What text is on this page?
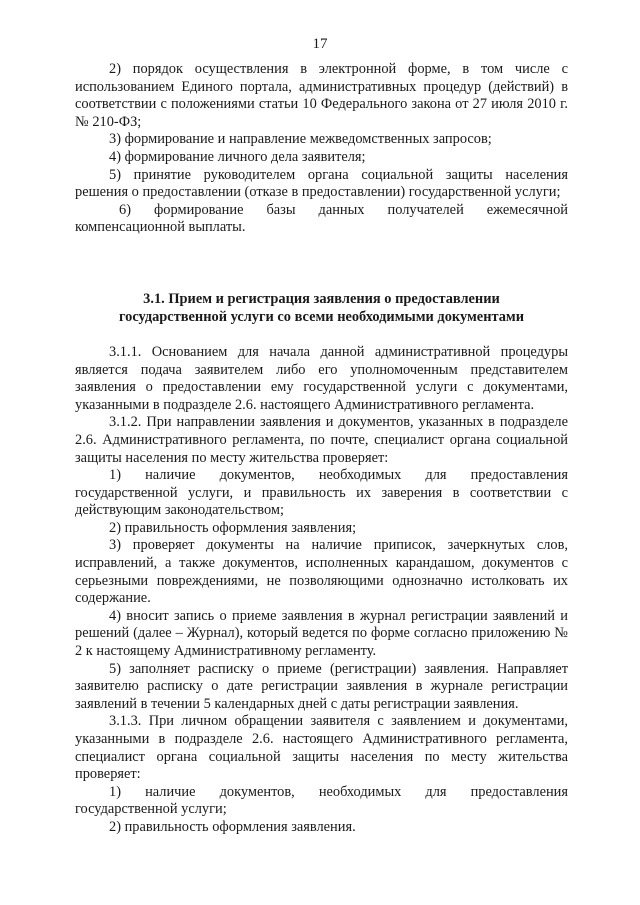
17

2) порядок осуществления в электронной форме, в том числе с использованием Единого портала, административных процедур (действий) в соответствии с положениями статьи 10 Федерального закона от 27 июля 2010 г. № 210-ФЗ;

3) формирование и направление межведомственных запросов;

4) формирование личного дела заявителя;

5) принятие руководителем органа социальной защиты населения решения о предоставлении (отказе в предоставлении) государственной услуги;

6) формирование базы данных получателей ежемесячной компенсационной выплаты.

3.1. Прием и регистрация заявления о предоставлении государственной услуги со всеми необходимыми документами

3.1.1. Основанием для начала данной административной процедуры является подача заявителем либо его уполномоченным представителем заявления о предоставлении ему государственной услуги с документами, указанными в подразделе 2.6. настоящего Административного регламента.

3.1.2. При направлении заявления и документов, указанных в подразделе 2.6. Административного регламента, по почте, специалист органа социальной защиты населения по месту жительства проверяет:

1) наличие документов, необходимых для предоставления государственной услуги, и правильность их заверения в соответствии с действующим законодательством;

2) правильность оформления заявления;

3) проверяет документы на наличие приписок, зачеркнутых слов, исправлений, а также документов, исполненных карандашом, документов с серьезными повреждениями, не позволяющими однозначно истолковать их содержание.

4) вносит запись о приеме заявления в журнал регистрации заявлений и решений (далее – Журнал), который ведется по форме согласно приложению № 2 к настоящему Административному регламенту.

5) заполняет расписку о приеме (регистрации) заявления. Направляет заявителю расписку о дате регистрации заявления в журнале регистрации заявлений в течении 5 календарных дней с даты регистрации заявления.

3.1.3. При личном обращении заявителя с заявлением и документами, указанными в подразделе 2.6. настоящего Административного регламента, специалист органа социальной защиты населения по месту жительства проверяет:

1) наличие документов, необходимых для предоставления государственной услуги;

2) правильность оформления заявления.
